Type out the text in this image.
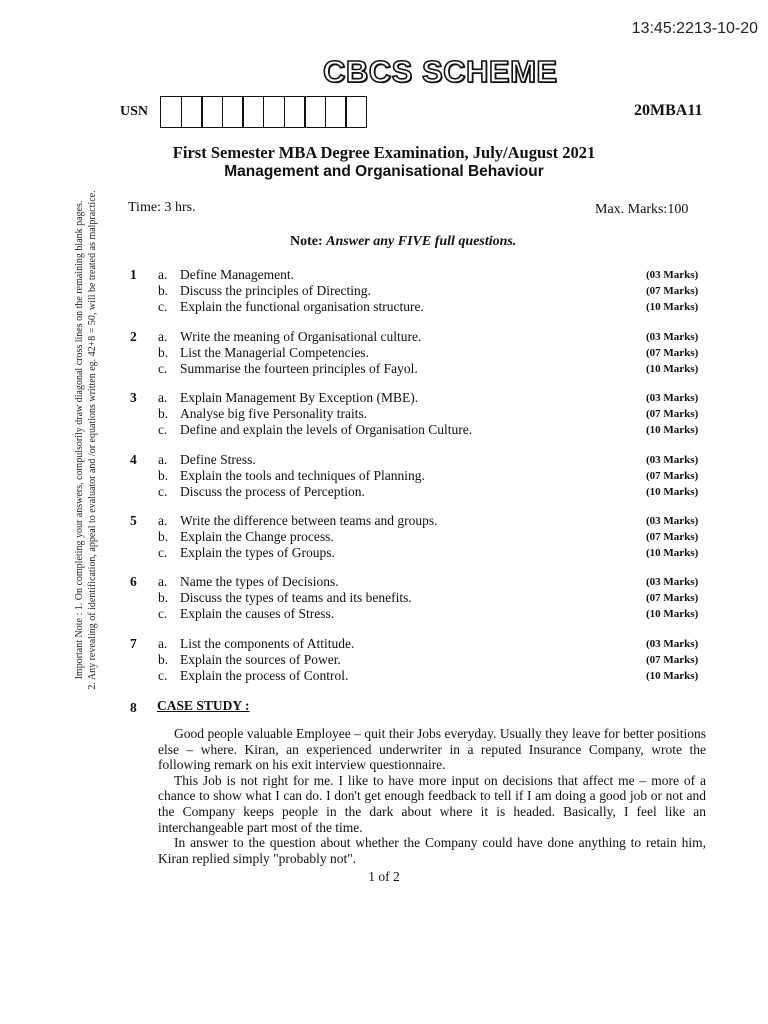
13:45:2213-10-20
CBCS SCHEME
USN	20MBA11
First Semester MBA Degree Examination, July/August 2021
Management and Organisational Behaviour
Time: 3 hrs.	Max. Marks:100
Note: Answer any FIVE full questions.
Important Note : 1. On completing your answers, compulsorily draw diagonal cross lines on the remaining blank pages. 2. Any revealing of identification, appeal to evaluator and /or equations written eg. 42+8 = 50, will be treated as malpractice. 1 a. Define Management.	(03 Marks)
b. Discuss the principles of Directing.	(07 Marks)
c. Explain the functional organisation structure.	(10 Marks)
2 a. Write the meaning of Organisational culture.	(03 Marks)
b. List the Managerial Competencies.	(07 Marks)
c. Summarise the fourteen principles of Fayol.	(10 Marks)
3 a. Explain Management By Exception (MBE).	(03 Marks)
b. Analyse big five Personality traits.	(07 Marks)
c. Define and explain the levels of Organisation Culture.	(10 Marks)
4 a. Define Stress.	(03 Marks)
b. Explain the tools and techniques of Planning.	(07 Marks)
c. Discuss the process of Perception.	(10 Marks)
5 a. Write the difference between teams and groups.	(03 Marks)
b. Explain the Change process.	(07 Marks)
c. Explain the types of Groups.	(10 Marks)
6 a. Name the types of Decisions.	(03 Marks)
b. Discuss the types of teams and its benefits.	(07 Marks)
c. Explain the causes of Stress.	(10 Marks)
7 a. List the components of Attitude.	(03 Marks)
b. Explain the sources of Power.	(07 Marks)
c. Explain the process of Control.	(10 Marks)
8 CASE STUDY :

Good people valuable Employee – quit their Jobs everyday. Usually they leave for better positions else – where. Kiran, an experienced underwriter in a reputed Insurance Company, wrote the following remark on his exit interview questionnaire.

This Job is not right for me. I like to have more input on decisions that affect me – more of a chance to show what I can do. I don't get enough feedback to tell if I am doing a good job or not and the Company keeps people in the dark about where it is headed. Basically, I feel like an interchangeable part most of the time.

In answer to the question about whether the Company could have done anything to retain him, Kiran replied simply "probably not".

1 of 2
